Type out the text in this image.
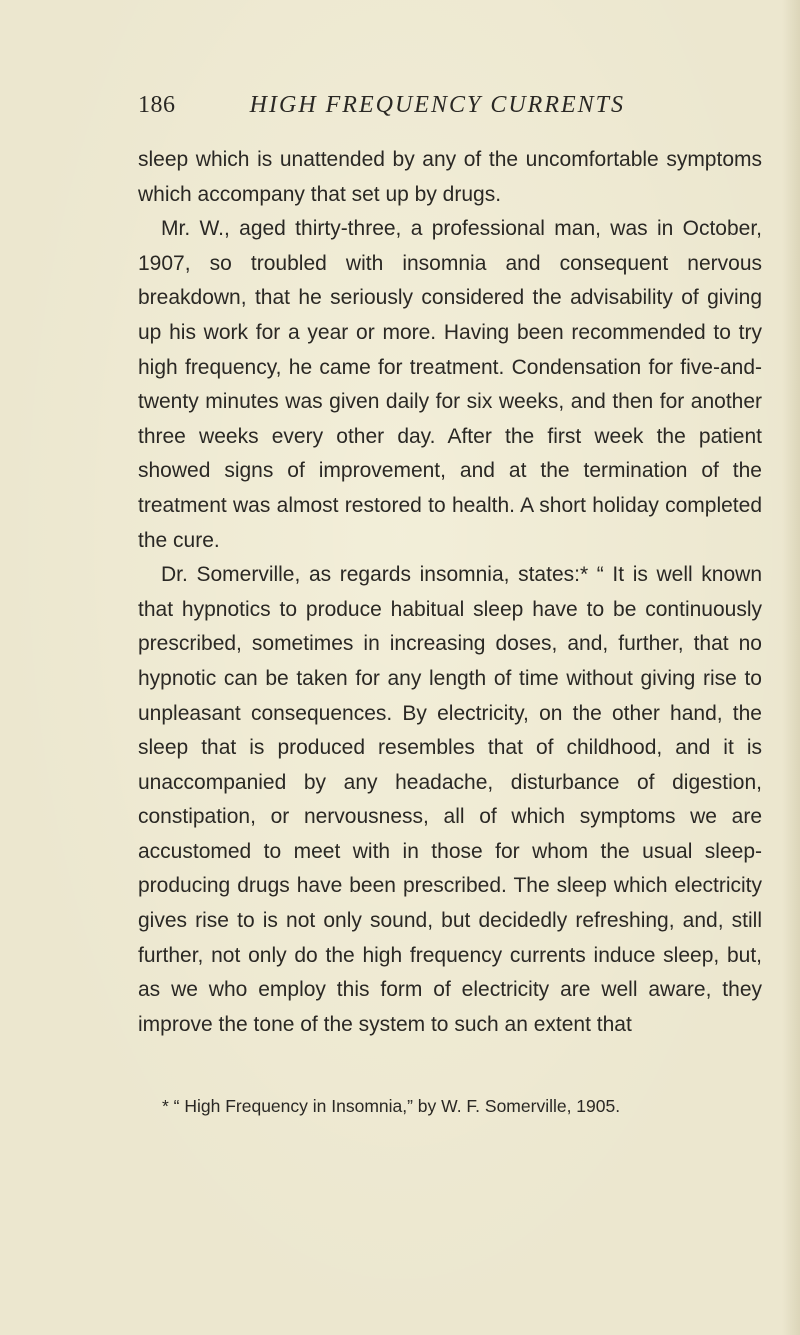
186	HIGH FREQUENCY CURRENTS

sleep which is unattended by any of the uncomfortable symptoms which accompany that set up by drugs.

Mr. W., aged thirty-three, a professional man, was in October, 1907, so troubled with insomnia and consequent nervous breakdown, that he seriously considered the advisability of giving up his work for a year or more. Having been recommended to try high frequency, he came for treatment. Condensation for five-and-twenty minutes was given daily for six weeks, and then for another three weeks every other day. After the first week the patient showed signs of improvement, and at the termination of the treatment was almost restored to health. A short holiday completed the cure.

Dr. Somerville, as regards insomnia, states:* “ It is well known that hypnotics to produce habitual sleep have to be continuously prescribed, sometimes in increasing doses, and, further, that no hypnotic can be taken for any length of time without giving rise to unpleasant consequences. By electricity, on the other hand, the sleep that is produced resembles that of childhood, and it is unaccompanied by any headache, disturbance of digestion, constipation, or nervousness, all of which symptoms we are accustomed to meet with in those for whom the usual sleep-producing drugs have been prescribed. The sleep which electricity gives rise to is not only sound, but decidedly refreshing, and, still further, not only do the high frequency currents induce sleep, but, as we who employ this form of electricity are well aware, they improve the tone of the system to such an extent that

* “ High Frequency in Insomnia,” by W. F. Somerville, 1905.
